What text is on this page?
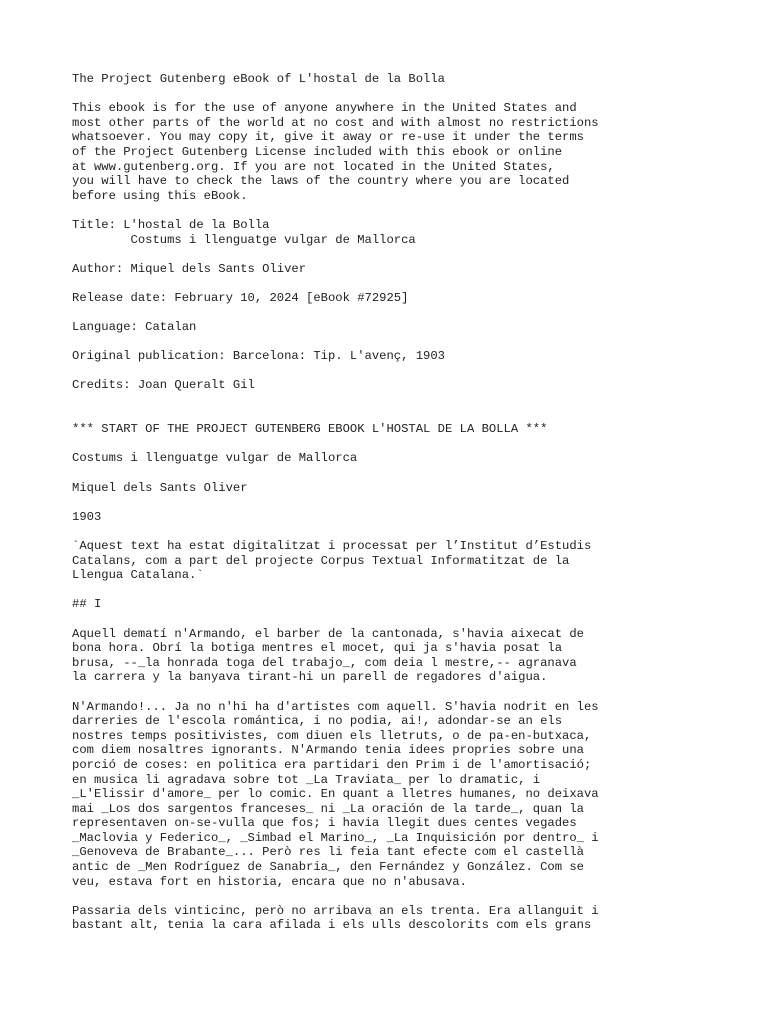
The Project Gutenberg eBook of L'hostal de la Bolla
This ebook is for the use of anyone anywhere in the United States and
most other parts of the world at no cost and with almost no restrictions
whatsoever. You may copy it, give it away or re-use it under the terms
of the Project Gutenberg License included with this ebook or online
at www.gutenberg.org. If you are not located in the United States,
you will have to check the laws of the country where you are located
before using this eBook.
Title: L'hostal de la Bolla
Costums i llenguatge vulgar de Mallorca
Author: Miquel dels Sants Oliver
Release date: February 10, 2024 [eBook #72925]
Language: Catalan
Original publication: Barcelona: Tip. L'avenç, 1903
Credits: Joan Queralt Gil
*** START OF THE PROJECT GUTENBERG EBOOK L'HOSTAL DE LA BOLLA ***
Costums i llenguatge vulgar de Mallorca
Miquel dels Sants Oliver
1903
`Aquest text ha estat digitalitzat i processat per l’Institut d’Estudis
Catalans, com a part del projecte Corpus Textual Informatitzat de la
Llengua Catalana.`
## I
Aquell dematí n'Armando, el barber de la cantonada, s'havia aixecat de
bona hora. Obrí la botiga mentres el mocet, qui ja s'havia posat la
brusa, --_la honrada toga del trabajo_, com deia l mestre,-- agranava
la carrera y la banyava tirant-hi un parell de regadores d'aigua.
N'Armando!... Ja no n'hi ha d'artistes com aquell. S'havia nodrit en les
darreries de l'escola romántica, i no podia, ai!, adondar-se an els
nostres temps positivistes, com diuen els lletruts, o de pa-en-butxaca,
com diem nosaltres ignorants. N'Armando tenia idees propries sobre una
porció de coses: en politica era partidari den Prim i de l'amortisació;
en musica li agradava sobre tot _La Traviata_ per lo dramatic, i
_L'Elissir d'amore_ per lo comic. En quant a lletres humanes, no deixava
mai _Los dos sargentos franceses_ ni _La oración de la tarde_, quan la
representaven on-se-vulla que fos; i havia llegit dues centes vegades
_Maclovia y Federico_, _Simbad el Marino_, _La Inquisición por dentro_ i
_Genoveva de Brabante_... Però res li feia tant efecte com el castellà
antic de _Men Rodríguez de Sanabria_, den Fernández y González. Com se
veu, estava fort en historia, encara que no n'abusava.
Passaria dels vinticinc, però no arribava an els trenta. Era allanguit i
bastant alt, tenia la cara afilada i els ulls descolorits com els grans
